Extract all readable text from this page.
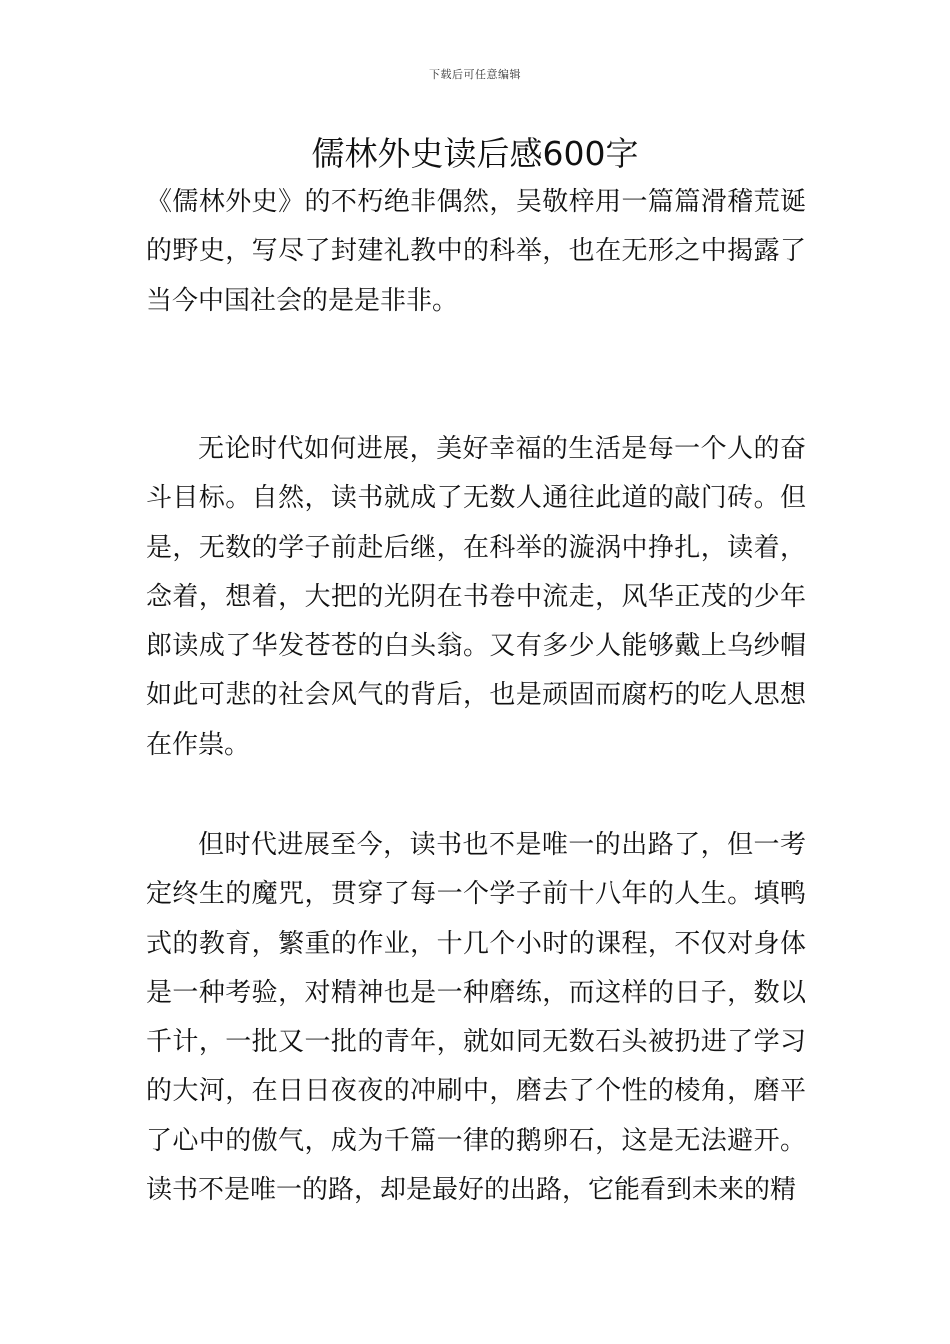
下载后可任意编辑
儒林外史读后感600字

《儒林外史》的不朽绝非偶然，吴敬梓用一篇篇滑稽荒诞的野史，写尽了封建礼教中的科举，也在无形之中揭露了当今中国社会的是是非非。

无论时代如何进展，美好幸福的生活是每一个人的奋斗目标。自然，读书就成了无数人通往此道的敲门砖。但是，无数的学子前赴后继，在科举的漩涡中挣扎，读着，念着，想着，大把的光阴在书卷中流走，风华正茂的少年郎读成了华发苍苍的白头翁。又有多少人能够戴上乌纱帽如此可悲的社会风气的背后，也是顽固而腐朽的吃人思想在作祟。

但时代进展至今，读书也不是唯一的出路了，但一考定终生的魔咒，贯穿了每一个学子前十八年的人生。填鸭式的教育，繁重的作业，十几个小时的课程，不仅对身体是一种考验，对精神也是一种磨练，而这样的日子，数以千计，一批又一批的青年，就如同无数石头被扔进了学习的大河，在日日夜夜的冲刷中，磨去了个性的棱角，磨平了心中的傲气，成为千篇一律的鹅卵石，这是无法避开。读书不是唯一的路，却是最好的出路，它能看到未来的精
